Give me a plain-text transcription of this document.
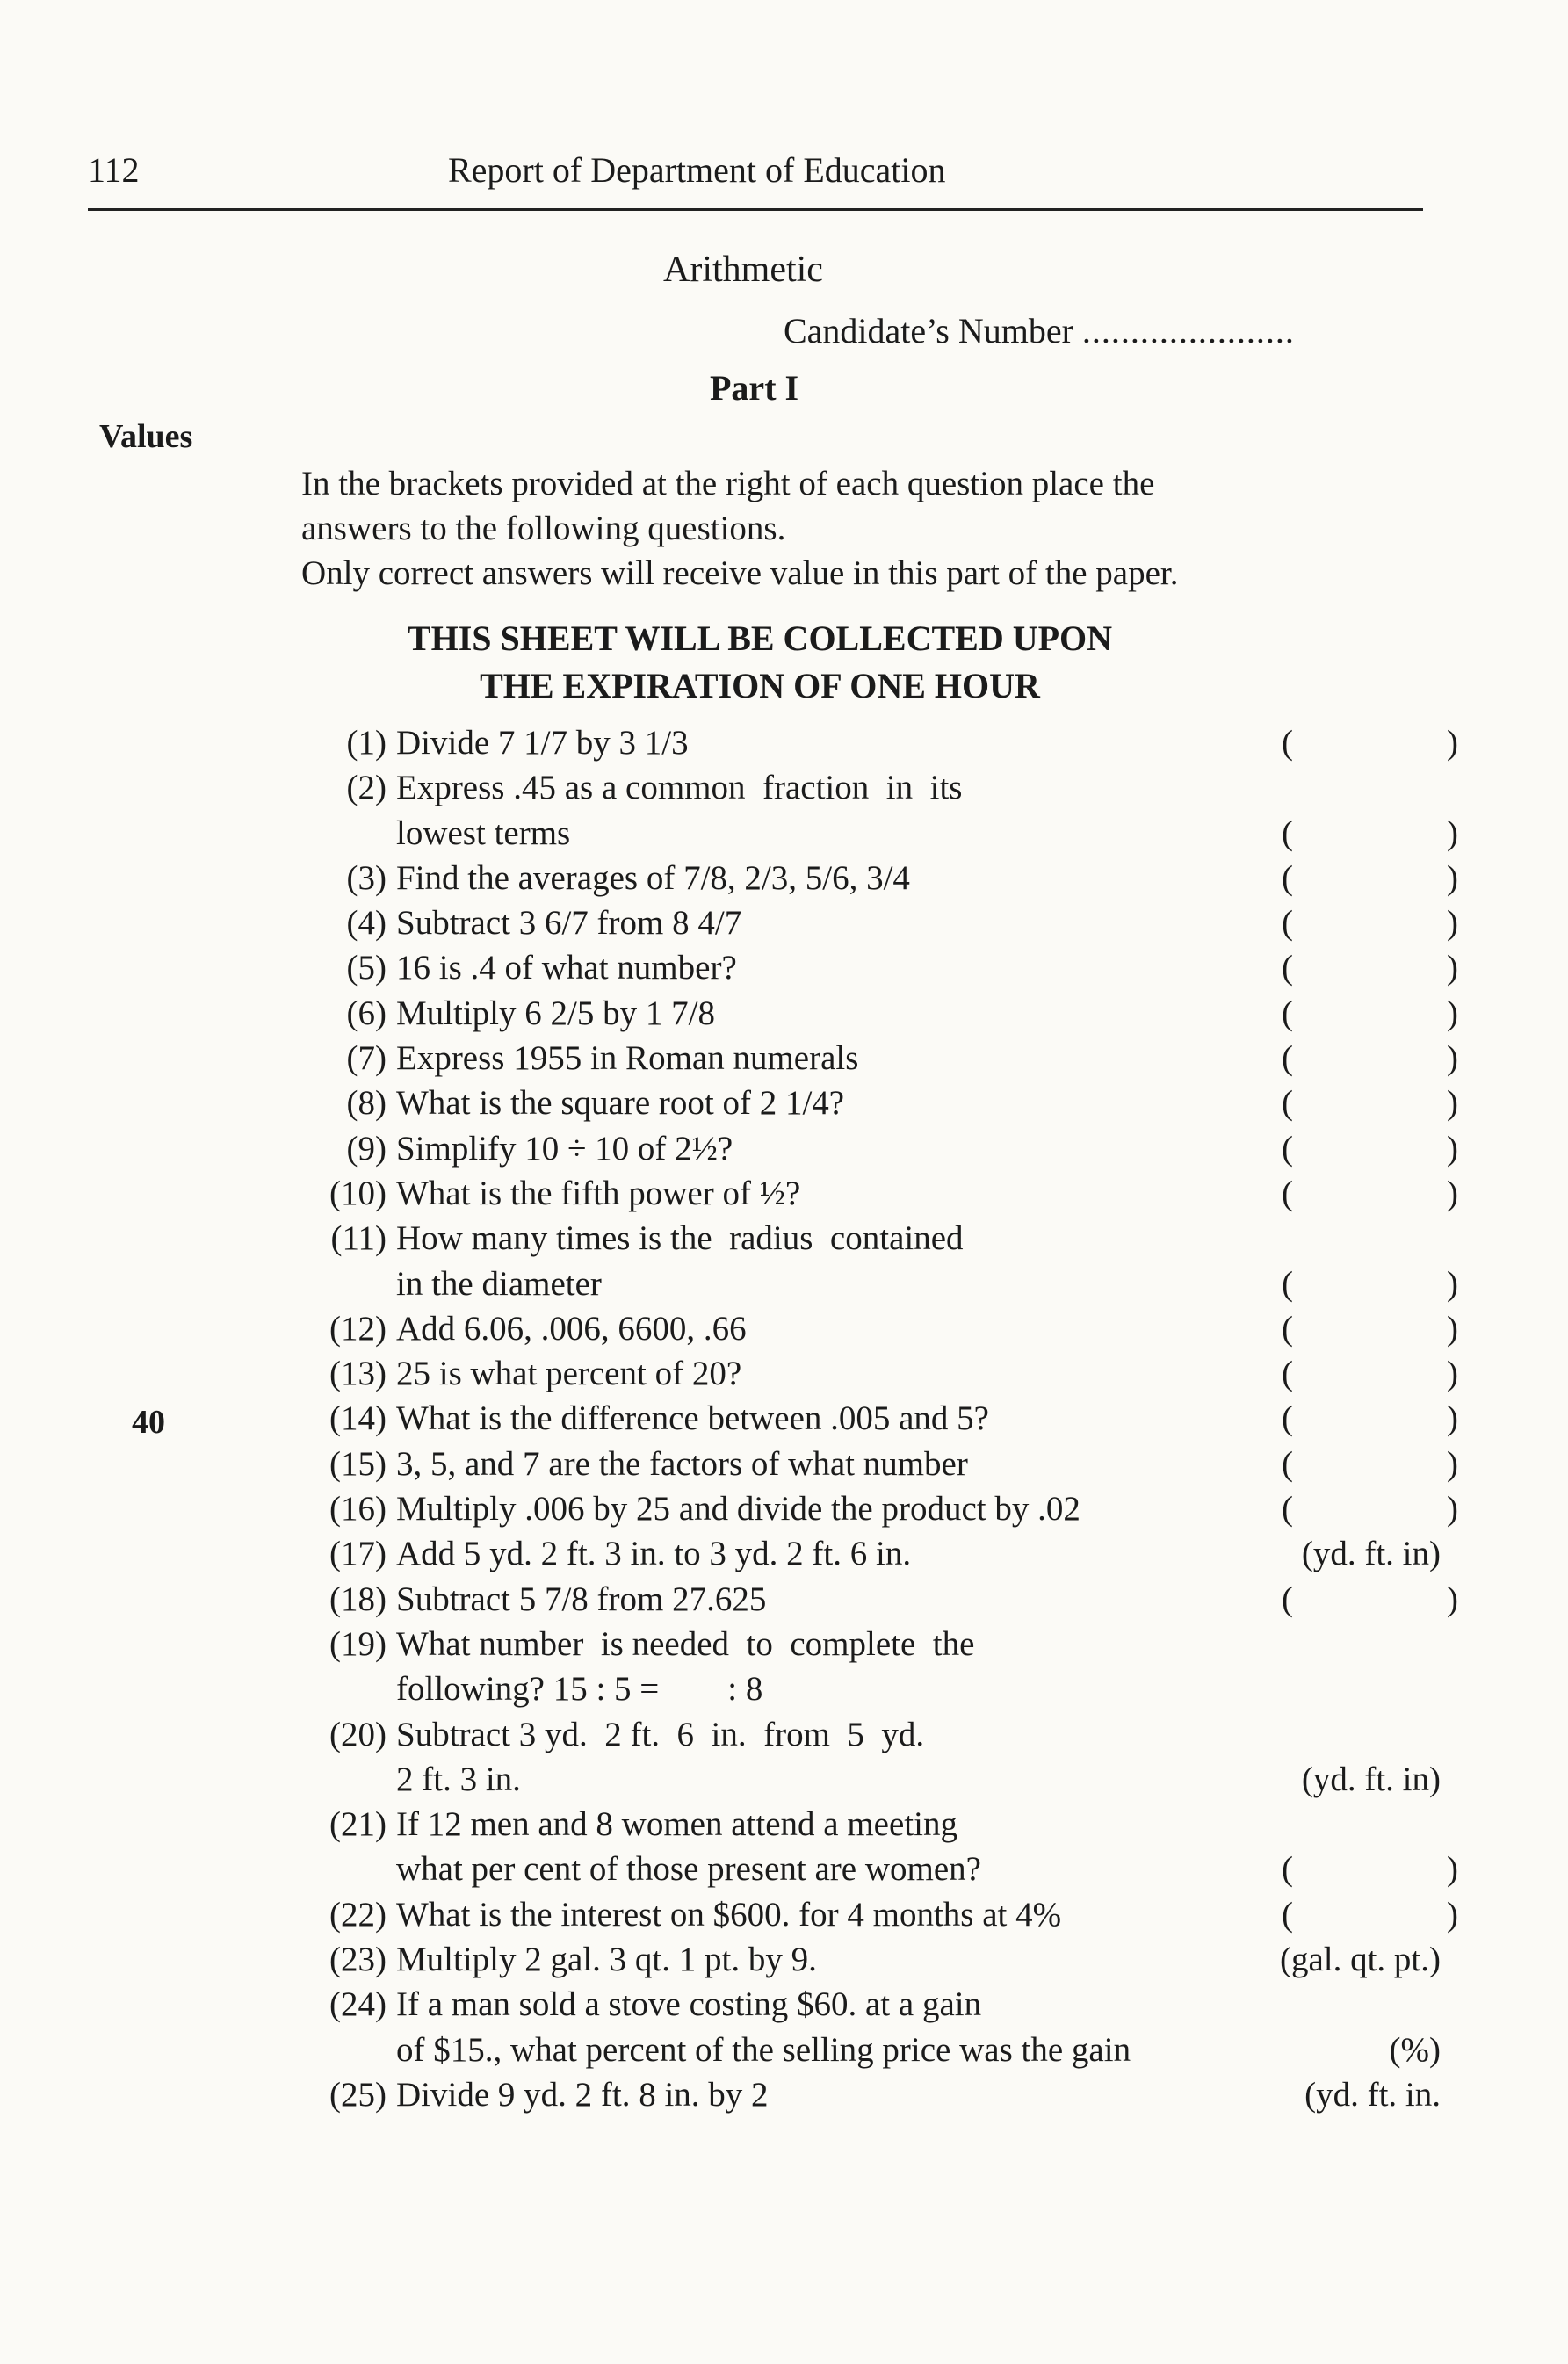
112	Report of Department of Education
Arithmetic
Candidate’s Number ......................
Part I
Values
40
In the brackets provided at the right of each question place the
answers to the following questions.
Only correct answers will receive value in this part of the paper.
THIS SHEET WILL BE COLLECTED UPON
THE EXPIRATION OF ONE HOUR
(1) Divide 7 1/7 by 3 1/3	(	)
(2) Express .45 as a common  fraction  in  its
lowest terms	(	)
(3) Find the averages of 7/8, 2/3, 5/6, 3/4	(	)
(4) Subtract 3 6/7 from 8 4/7	(	)
(5) 16 is .4 of what number?	(	)
(6) Multiply 6 2/5 by 1 7/8	(	)
(7) Express 1955 in Roman numerals	(	)
(8) What is the square root of 2 1/4?	(	)
(9) Simplify 10 ÷ 10 of 2½?	(	)
(10) What is the fifth power of ½?	(	)
(11) How many times is the  radius  contained
in the diameter	(	)
(12) Add 6.06, .006, 6600, .66	(	)
(13) 25 is what percent of 20?	(	)
(14) What is the difference between .005 and 5?	(	)
(15) 3, 5, and 7 are the factors of what number	(	)
(16) Multiply .006 by 25 and divide the product by .02	(	)
(17) Add 5 yd. 2 ft. 3 in. to 3 yd. 2 ft. 6 in.	(yd. ft. in)
(18) Subtract 5 7/8 from 27.625	(	)
(19) What number  is needed  to  complete  the
following? 15 : 5 =        : 8
(20) Subtract 3 yd.  2 ft.  6  in.  from  5  yd.
2 ft. 3 in.	(yd. ft. in)
(21) If 12 men and 8 women attend a meeting
what per cent of those present are women?	(	)
(22) What is the interest on $600. for 4 months at 4%	(	)
(23) Multiply 2 gal. 3 qt. 1 pt. by 9.	(gal. qt. pt.)
(24) If a man sold a stove costing $60. at a gain
of $15., what percent of the selling price was the gain	(%)
(25) Divide 9 yd. 2 ft. 8 in. by 2	(yd. ft. in.
